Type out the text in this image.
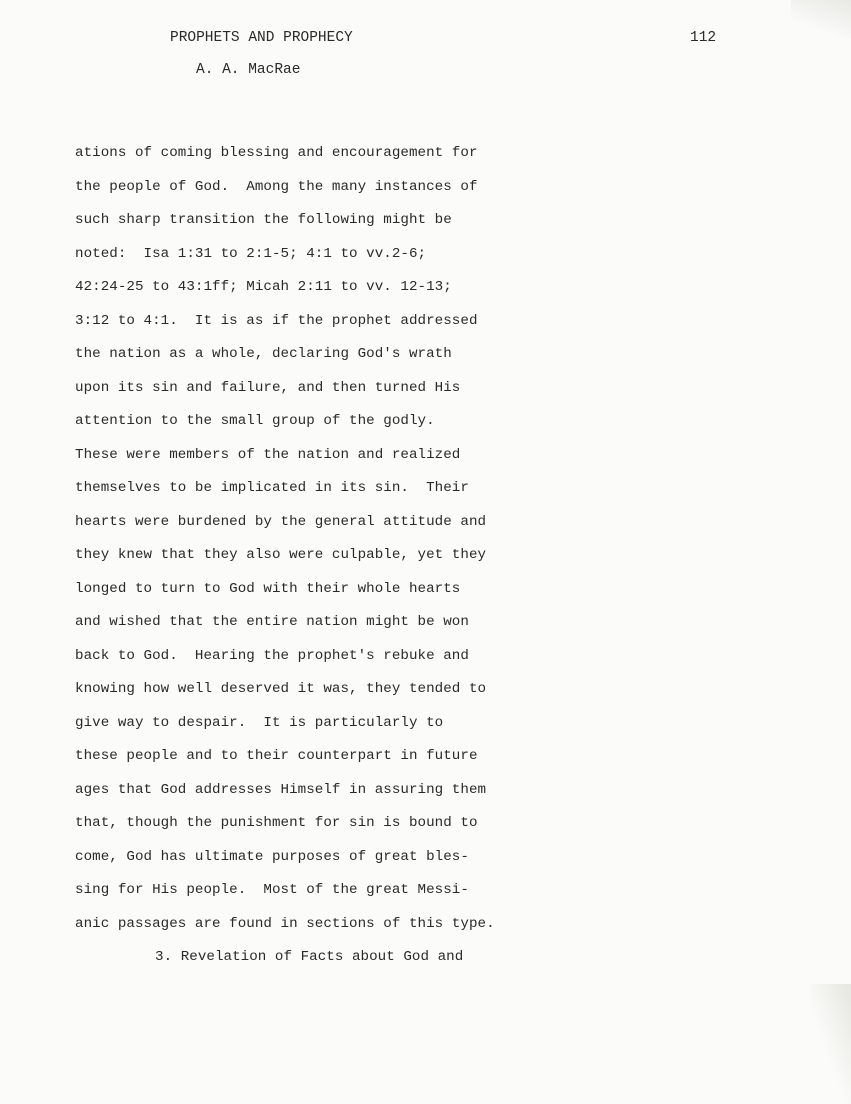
PROPHETS AND PROPHECY	112
A. A. MacRae
ations of coming blessing and encouragement for
the people of God.  Among the many instances of
such sharp transition the following might be
noted:  Isa 1:31 to 2:1-5; 4:1 to vv.2-6;
42:24-25 to 43:1ff; Micah 2:11 to vv. 12-13;
3:12 to 4:1.  It is as if the prophet addressed
the nation as a whole, declaring God's wrath
upon its sin and failure, and then turned His
attention to the small group of the godly.
These were members of the nation and realized
themselves to be implicated in its sin.  Their
hearts were burdened by the general attitude and
they knew that they also were culpable, yet they
longed to turn to God with their whole hearts
and wished that the entire nation might be won
back to God.  Hearing the prophet's rebuke and
knowing how well deserved it was, they tended to
give way to despair.  It is particularly to
these people and to their counterpart in future
ages that God addresses Himself in assuring them
that, though the punishment for sin is bound to
come, God has ultimate purposes of great bles-
sing for His people.  Most of the great Messi-
anic passages are found in sections of this type.
3. Revelation of Facts about God and
